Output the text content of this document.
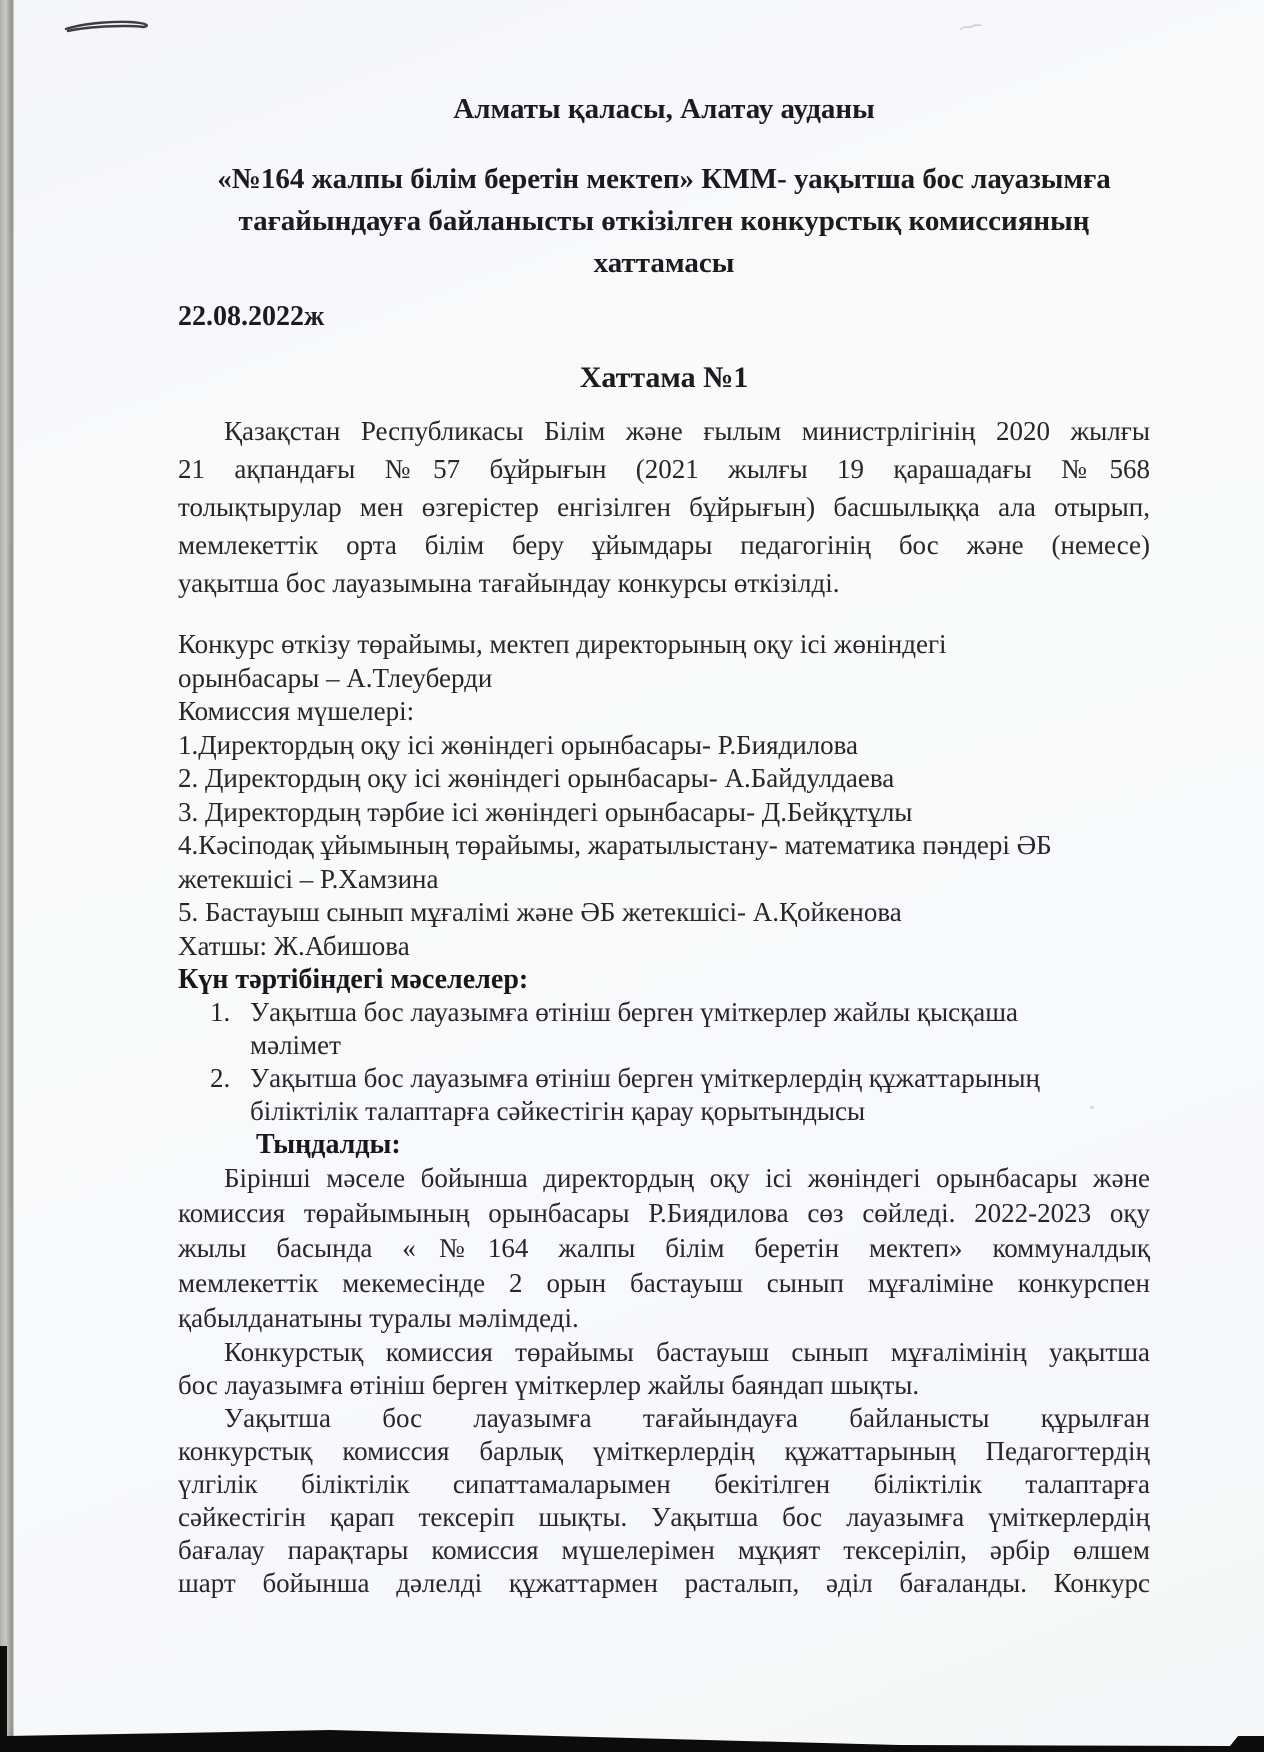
Алматы қаласы, Алатау ауданы
«№164 жалпы білім беретін мектеп» КММ- уақытша бос лауазымға
тағайындауға байланысты өткізілген конкурстық комиссияның
хаттамасы
22.08.2022ж
Хаттама №1
Қазақстан Республикасы Білім және ғылым министрлігінің 2020 жылғы
21 ақпандағы №57 бұйрығын (2021 жылғы 19 қарашадағы №568
толықтырулар мен өзгерістер енгізілген бұйрығын) басшылыққа ала отырып,
мемлекеттік орта білім беру ұйымдары педагогінің бос және (немесе)
уақытша бос лауазымына тағайындау конкурсы өткізілді.
Конкурс өткізу төрайымы, мектеп директорының оқу ісі жөніндегі
орынбасары – А.Тлеуберди
Комиссия мүшелері:
1.Директордың оқу ісі жөніндегі орынбасары- Р.Биядилова
2. Директордың оқу ісі жөніндегі орынбасары- А.Байдулдаева
3. Директордың тәрбие ісі жөніндегі орынбасары- Д.Бейқұтұлы
4.Кәсіподақ ұйымының төрайымы, жаратылыстану- математика пәндері ӘБ
жетекшісі – Р.Хамзина
5. Бастауыш сынып мұғалімі және ӘБ жетекшісі- А.Қойкенова
Хатшы: Ж.Абишова
Күн тәртібіндегі мәселелер:
1. Уақытша бос лауазымға өтініш берген үміткерлер жайлы қысқаша
мәлімет
2. Уақытша бос лауазымға өтініш берген үміткерлердің құжаттарының
біліктілік талаптарға сәйкестігін қарау қорытындысы
Тыңдалды:
Бірінші мәселе бойынша директордың оқу ісі жөніндегі орынбасары және
комиссия төрайымының орынбасары Р.Биядилова сөз сөйледі. 2022-2023 оқу
жылы басында «№164 жалпы білім беретін мектеп» коммуналдық
мемлекеттік мекемесінде 2 орын бастауыш сынып мұғаліміне конкурспен
қабылданатыны туралы мәлімдеді.
Конкурстық комиссия төрайымы бастауыш сынып мұғалімінің уақытша
бос лауазымға өтініш берген үміткерлер жайлы баяндап шықты.
Уақытша бос лауазымға тағайындауға байланысты құрылған
конкурстық комиссия барлық үміткерлердің құжаттарының Педагогтердің
үлгілік біліктілік сипаттамаларымен бекітілген біліктілік талаптарға
сәйкестігін қарап тексеріп шықты. Уақытша бос лауазымға үміткерлердің
бағалау парақтары комиссия мүшелерімен мұқият тексеріліп, әрбір өлшем
шарт бойынша дәлелді құжаттармен расталып, әділ бағаланды. Конкурс
